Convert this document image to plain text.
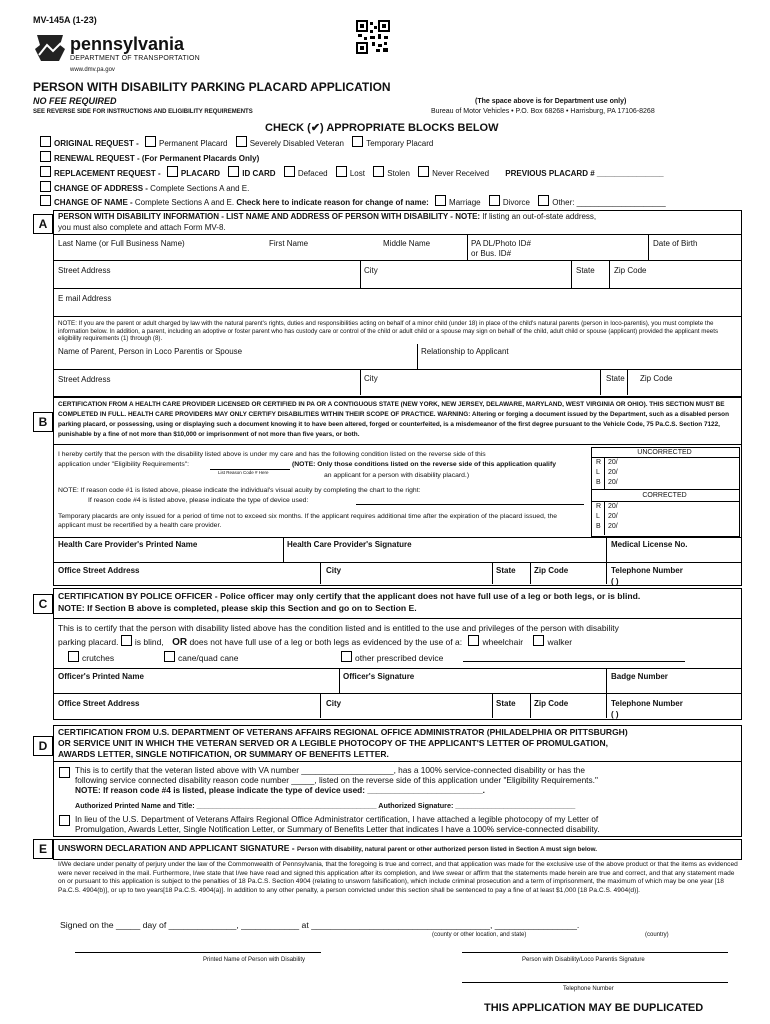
MV-145A (1-23)
pennsylvania
DEPARTMENT OF TRANSPORTATION
www.dmv.pa.gov
PERSON WITH DISABILITY PARKING PLACARD APPLICATION
NO FEE REQUIRED
SEE REVERSE SIDE FOR INSTRUCTIONS AND ELIGIBILITY REQUIREMENTS
(The space above is for Department use only)
Bureau of Motor Vehicles • P.O. Box 68268 • Harrisburg, PA 17106-8268
CHECK (✔) APPROPRIATE BLOCKS BELOW
ORIGINAL REQUEST -	Permanent Placard	Severely Disabled Veteran	Temporary Placard
RENEWAL REQUEST - (For Permanent Placards Only)
REPLACEMENT REQUEST -	PLACARD	ID CARD	Defaced	Lost	Stolen	Never Received PREVIOUS PLACARD # _______________
CHANGE OF ADDRESS - Complete Sections A and E.
CHANGE OF NAME - Complete Sections A and E. Check here to indicate reason for change of name:	Marriage	Divorce	Other: ____________________
A
PERSON WITH DISABILITY INFORMATION - LIST NAME AND ADDRESS OF PERSON WITH DISABILITY - NOTE: If listing an out-of-state address,
you must also complete and attach Form MV-8.
Last Name (or Full Business Name)	First Name	Middle Name	PA DL/Photo ID#
or Bus. ID#
Date of Birth
Street Address	City	State Zip Code
E mail Address
NOTE: If you are the parent or adult charged by law with the natural parent's rights, duties and responsibilities acting on behalf of a minor child (under 18) in place of the child's natural parents (person in loco-parentis), you must complete the information below. In addition, a parent, including an adoptive or foster parent who has custody care or control of the child or adult child or a spouse may sign on behalf of the child, adult child or spouse (applicant) provided the applicant meets eligibility requirements (1) through (8).
Name of Parent, Person in Loco Parentis or Spouse	Relationship to Applicant
Street Address	City	State Zip Code
B
CERTIFICATION FROM A HEALTH CARE PROVIDER LICENSED OR CERTIFIED IN PA OR A CONTIGUOUS STATE (NEW YORK, NEW JERSEY, DELAWARE, MARYLAND, WEST VIRGINIA OR OHIO). THIS SECTION MUST BE COMPLETED IN FULL. HEALTH CARE PROVIDERS MAY ONLY CERTIFY DISABILITIES WITHIN THEIR SCOPE OF PRACTICE. WARNING: Altering or forging a document issued by the Department, such as a disabled person parking placard, or possessing, using or displaying such a document knowing it to have been altered, forged or counterfeited, is a misdemeanor of the first degree pursuant to the Vehicle Code, 75 Pa.C.S. Section 7122, punishable by a fine of not more than $10,000 or imprisonment of not more than five years, or both.
I hereby certify that the person with the disability listed above is under my care and has the following condition listed on the reverse side of this
application under "Eligibility Requirements":
List Reason Code # Here
(NOTE: Only those conditions listed on the reverse side of this application qualify
an applicant for a person with disability placard.)
NOTE: If reason code #1 is listed above, please indicate the individual's visual acuity by completing the chart to the right:
If reason code #4 is listed above, please indicate the type of device used:
Temporary placards are only issued for a period of time not to exceed six months. If the applicant requires additional time after the expiration of the placard issued, the applicant must be recertified by a health care provider.
UNCORRECTED
R 20/
L 20/
B 20/
CORRECTED
R 20/
L 20/
B 20/
Health Care Provider's Printed Name	Health Care Provider's Signature	Medical License No.
Office Street Address	City	State Zip Code	Telephone Number
( )
C
CERTIFICATION BY POLICE OFFICER - Police officer may only certify that the applicant does not have full use of a leg or both legs, or is blind.
NOTE: If Section B above is completed, please skip this Section and go on to Section E.
This is to certify that the person with disability listed above has the condition listed and is entitled to the use and privileges of the person with disability
parking placard. is blind, OR does not have full use of a leg or both legs as evidenced by the use of a: wheelchair	walker
crutches	cane/quad cane	other prescribed device
Officer's Printed Name	Officer's Signature	Badge Number
Office Street Address	City	State Zip Code	Telephone Number
( )
D
CERTIFICATION FROM U.S. DEPARTMENT OF VETERANS AFFAIRS REGIONAL OFFICE ADMINISTRATOR (PHILADELPHIA OR PITTSBURGH)
OR SERVICE UNIT IN WHICH THE VETERAN SERVED OR A LEGIBLE PHOTOCOPY OF THE APPLICANT'S LETTER OF PROMULGATION,
AWARDS LETTER, SINGLE NOTIFICATION, OR SUMMARY OF BENEFITS LETTER.
This is to certify that the veteran listed above with VA number ____________________, has a 100% service-connected disability or has the
following service connected disability reason code number _____, listed on the reverse side of this application under "Eligibility Requirements."
NOTE: If reason code #4 is listed, please indicate the type of device used: _________________________.
Authorized Printed Name and Title: _____________________________________________ Authorized Signature: ______________________________
In lieu of the U.S. Department of Veterans Affairs Regional Office Administrator certification, I have attached a legible photocopy of my Letter of
Promulgation, Awards Letter, Single Notification Letter, or Summary of Benefits Letter that indicates I have a 100% service-connected disability.
E	UNSWORN DECLARATION AND APPLICANT SIGNATURE - Person with disability, natural parent or other authorized person listed in Section A must sign below.
I/We declare under penalty of perjury under the law of the Commonwealth of Pennsylvania, that the foregoing is true and correct, and that application was made for the exclusive use of the above product or that the items as evidenced were never received in the mail. Furthermore, I/we state that I/we have read and signed this application after its completion, and I/we swear or affirm that the statements made herein are true and correct, and that any statement made on or pursuant to this application is subject to the penalties of 18 Pa.C.S. Section 4904 (relating to unsworn falsification), which include criminal prosecution and a term of imprisonment, the maximum of which may be one year [18 Pa.C.S. 4904(b)], or up to two years[18 Pa.C.S. 4904(a)]. In addition to any other penalty, a person convicted under this section shall be sentenced to pay a fine of at least $1,000 [18 Pa.C.S. 4904(d)].
Signed on the _____ day of ______________, ____________ at _____________________________________, _________________.
(county or other location, and state)	(country)
Printed Name of Person with Disability	Person with Disability/Loco Parentis Signature
Telephone Number
THIS APPLICATION MAY BE DUPLICATED
